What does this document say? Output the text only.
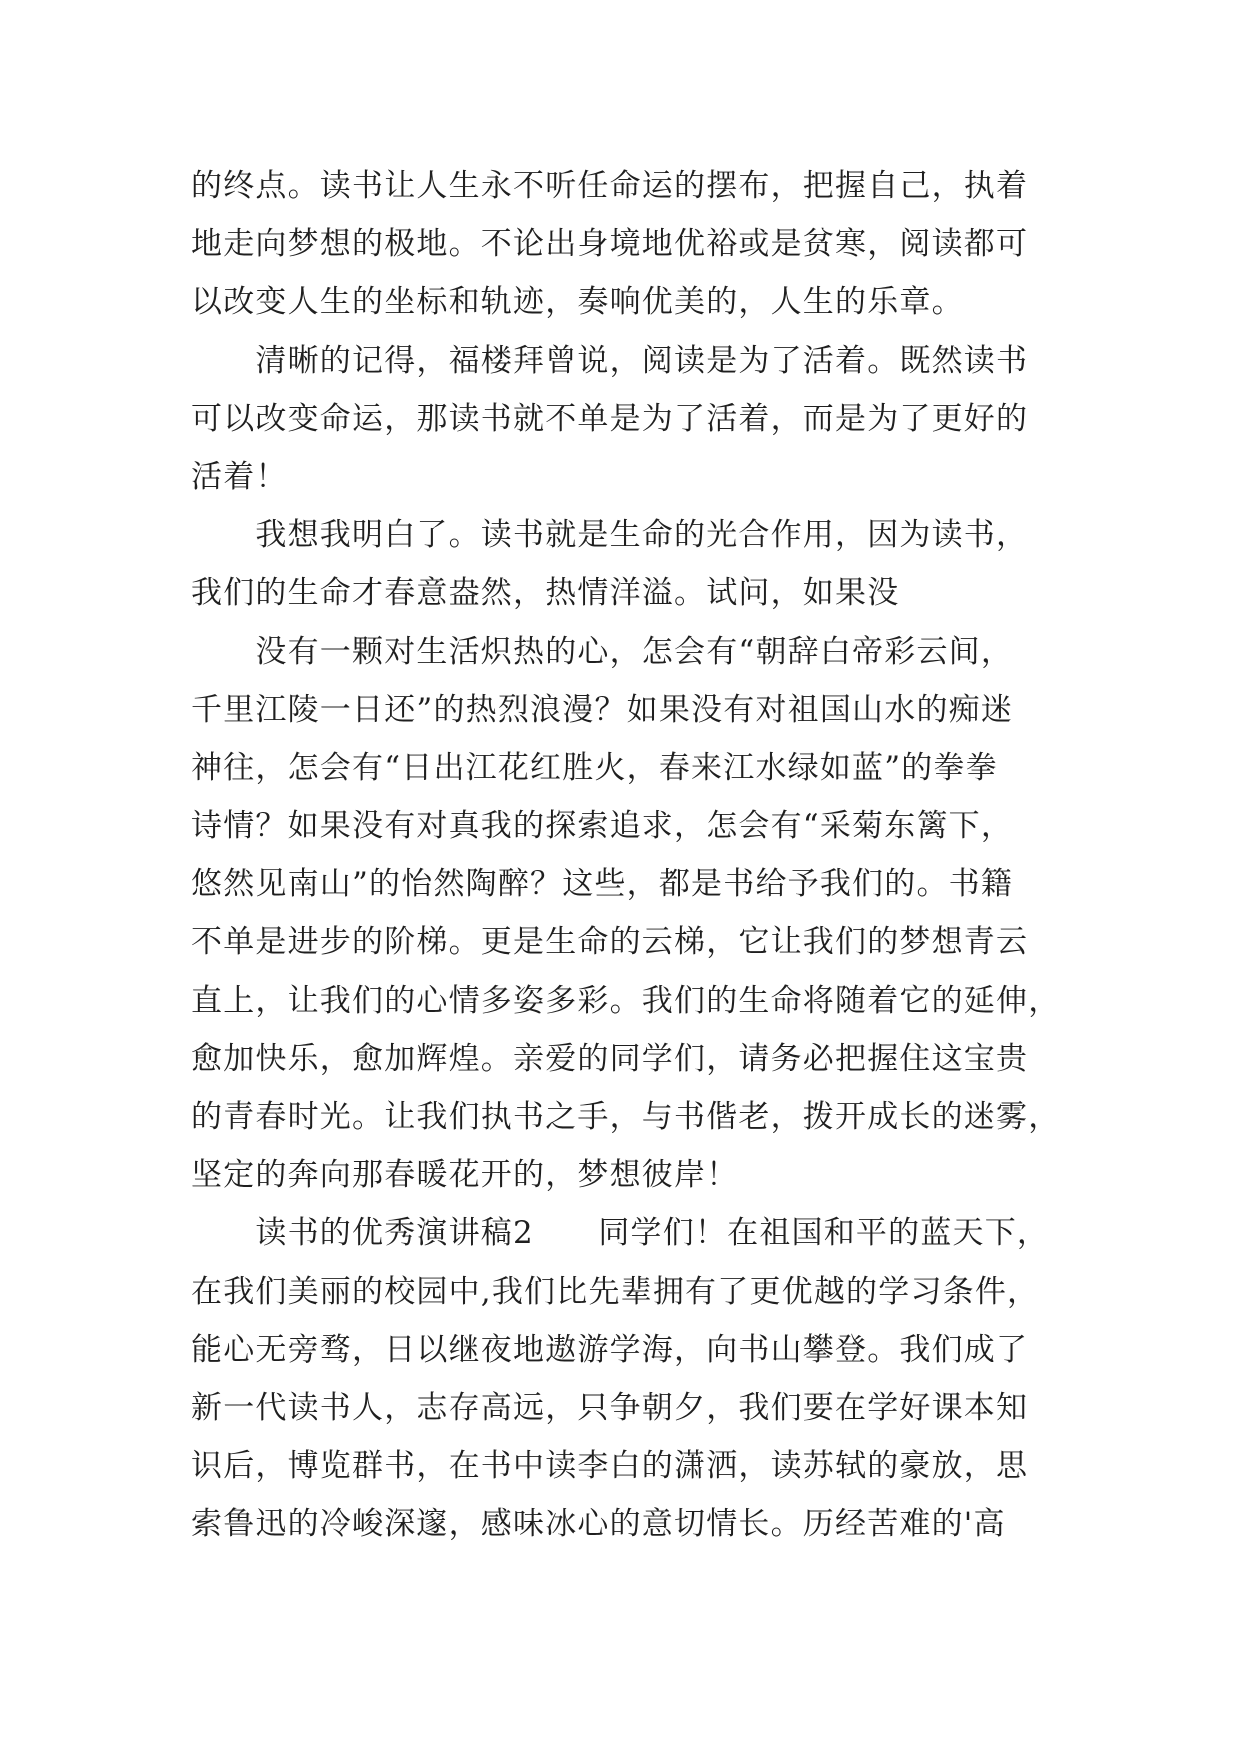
的终点。读书让人生永不听任命运的摆布，把握自己，执着
地走向梦想的极地。不论出身境地优裕或是贫寒，阅读都可
以改变人生的坐标和轨迹，奏响优美的，人生的乐章。
　　清晰的记得，福楼拜曾说，阅读是为了活着。既然读书
可以改变命运，那读书就不单是为了活着，而是为了更好的
活着！
　　我想我明白了。读书就是生命的光合作用，因为读书，
我们的生命才春意盎然，热情洋溢。试问，如果没
　　没有一颗对生活炽热的心，怎会有“朝辞白帝彩云间，
千里江陵一日还”的热烈浪漫？如果没有对祖国山水的痴迷
神往，怎会有“日出江花红胜火，春来江水绿如蓝”的拳拳
诗情？如果没有对真我的探索追求，怎会有“采菊东篱下，
悠然见南山”的怡然陶醉？这些，都是书给予我们的。书籍
不单是进步的阶梯。更是生命的云梯，它让我们的梦想青云
直上，让我们的心情多姿多彩。我们的生命将随着它的延伸，
愈加快乐，愈加辉煌。亲爱的同学们，请务必把握住这宝贵
的青春时光。让我们执书之手，与书偕老，拨开成长的迷雾，
坚定的奔向那春暖花开的，梦想彼岸！
　　读书的优秀演讲稿2　　同学们！在祖国和平的蓝天下，
在我们美丽的校园中,我们比先辈拥有了更优越的学习条件，
能心无旁骛，日以继夜地遨游学海，向书山攀登。我们成了
新一代读书人，志存高远，只争朝夕，我们要在学好课本知
识后，博览群书，在书中读李白的潇洒，读苏轼的豪放，思
索鲁迅的冷峻深邃，感味冰心的意切情长。历经苦难的'高
